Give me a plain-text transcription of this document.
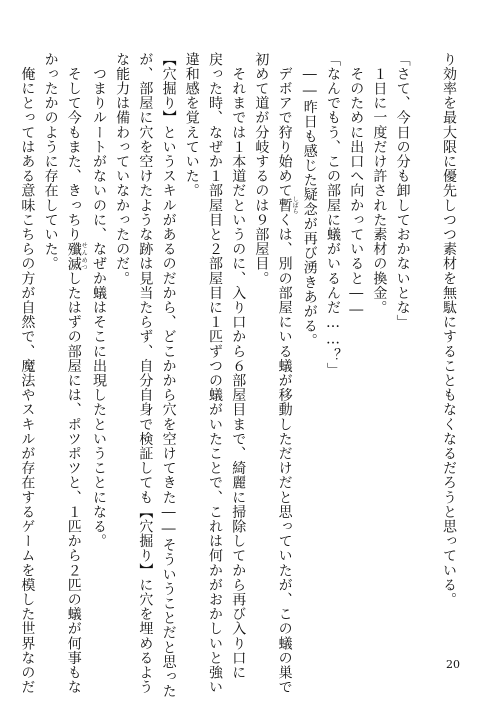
り効率を最大限に優先しつつ素材を無駄にすることもなくなるだろうと思っている。
「さて、今日の分も卸しておかないとな」
　１日に一度だけ許された素材の換金。
　そのために出口へ向かっていると――
「なんでもう、この部屋に蟻がいるんだ……？」
　――昨日も感じた疑念が再び湧きあがる。
　デボアで狩り始めて暫しばらくは、別の部屋にいる蟻が移動しただけだと思っていたが、この蟻の巣で
初めて道が分岐するのは９部屋目。
　それまでは１本道だというのに、入り口から６部屋目まで、綺麗に掃除してから再び入り口に
戻った時、なぜか１部屋目と２部屋目に１匹ずつの蟻がいたことで、これは何かがおかしいと強い
違和感を覚えていた。
【穴掘り】というスキルがあるのだから、どこかから穴を空けてきた――そういうことだと思った
が、部屋に穴を空けたような跡は見当たらず、自分自身で検証しても【穴掘り】に穴を埋めるよう
な能力は備わっていなかったのだ。
　つまりルートがないのに、なぜか蟻はそこに出現したということになる。
　そして今もまた、きっちり殲滅せんめつしたはずの部屋には、ポツポツと、１匹から２匹の蟻が何事もな
かったかのように存在していた。
　俺にとってはある意味こちらの方が自然で、魔法やスキルが存在するゲームを模した世界なのだ	20
